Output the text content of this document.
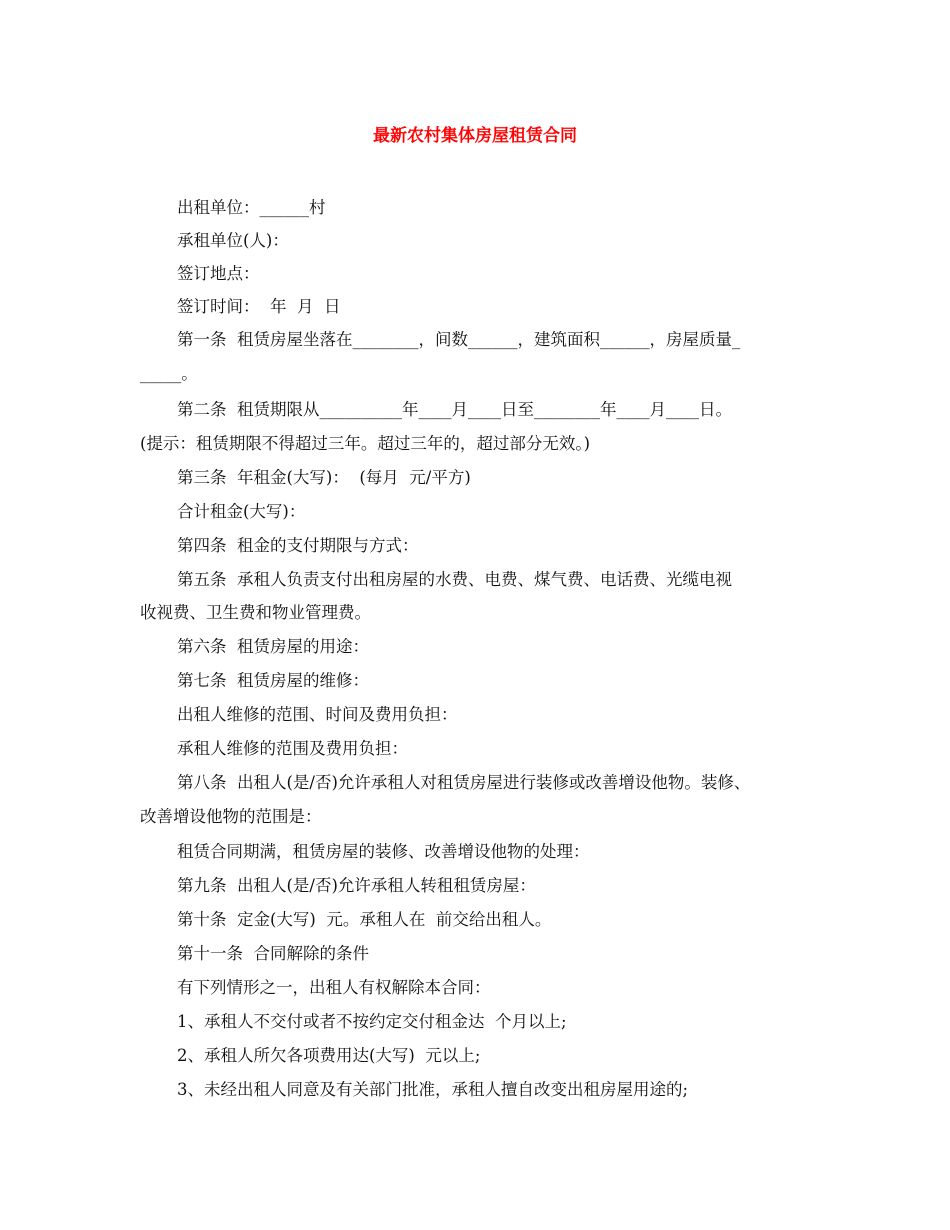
最新农村集体房屋租赁合同
出租单位：______村
承租单位(人)：
签订地点：
签订时间：  年  月  日
第一条  租赁房屋坐落在________，间数______，建筑面积______，房屋质量_
_____。
第二条  租赁期限从__________年____月____日至________年____月____日。
(提示：租赁期限不得超过三年。超过三年的，超过部分无效。)
第三条  年租金(大写)：  (每月  元/平方)
合计租金(大写)：
第四条  租金的支付期限与方式：
第五条  承租人负责支付出租房屋的水费、电费、煤气费、电话费、光缆电视
收视费、卫生费和物业管理费。
第六条  租赁房屋的用途：
第七条  租赁房屋的维修：
出租人维修的范围、时间及费用负担：
承租人维修的范围及费用负担：
第八条  出租人(是/否)允许承租人对租赁房屋进行装修或改善增设他物。装修、
改善增设他物的范围是：
租赁合同期满，租赁房屋的装修、改善增设他物的处理：
第九条  出租人(是/否)允许承租人转租租赁房屋：
第十条  定金(大写)  元。承租人在  前交给出租人。
第十一条  合同解除的条件
有下列情形之一，出租人有权解除本合同：
1、承租人不交付或者不按约定交付租金达  个月以上;
2、承租人所欠各项费用达(大写)  元以上;
3、未经出租人同意及有关部门批准，承租人擅自改变出租房屋用途的;
